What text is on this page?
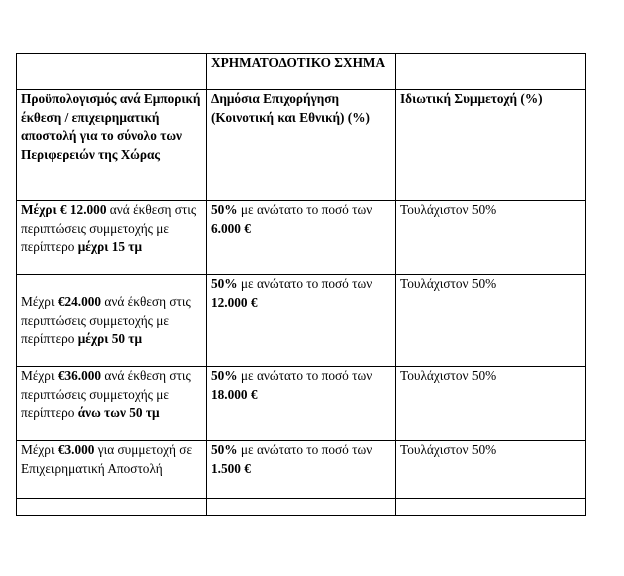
	ΧΡΗΜΑΤΟΔΟΤΙΚΟ ΣΧΗΜΑ	
Προϋπολογισμός ανά Εμπορική έκθεση / επιχειρηματική αποστολή για το σύνολο των Περιφερειών της Χώρας	Δημόσια Επιχορήγηση (Κοινοτική και Εθνική) (%)	Ιδιωτική Συμμετοχή (%)
Μέχρι € 12.000 ανά έκθεση στις περιπτώσεις συμμετοχής με περίπτερο μέχρι 15 τμ	50% με ανώτατο το ποσό των 6.000 €	Τουλάχιστον 50%
Μέχρι €24.000 ανά έκθεση στις περιπτώσεις συμμετοχής με περίπτερο μέχρι 50 τμ	50% με ανώτατο το ποσό των 12.000 €	Τουλάχιστον 50%
Μέχρι €36.000 ανά έκθεση στις περιπτώσεις συμμετοχής με περίπτερο άνω των 50 τμ	50% με ανώτατο το ποσό των 18.000 €	Τουλάχιστον 50%
Μέχρι €3.000 για συμμετοχή σε Επιχειρηματική Αποστολή	50% με ανώτατο το ποσό των 1.500 €	Τουλάχιστον 50%
